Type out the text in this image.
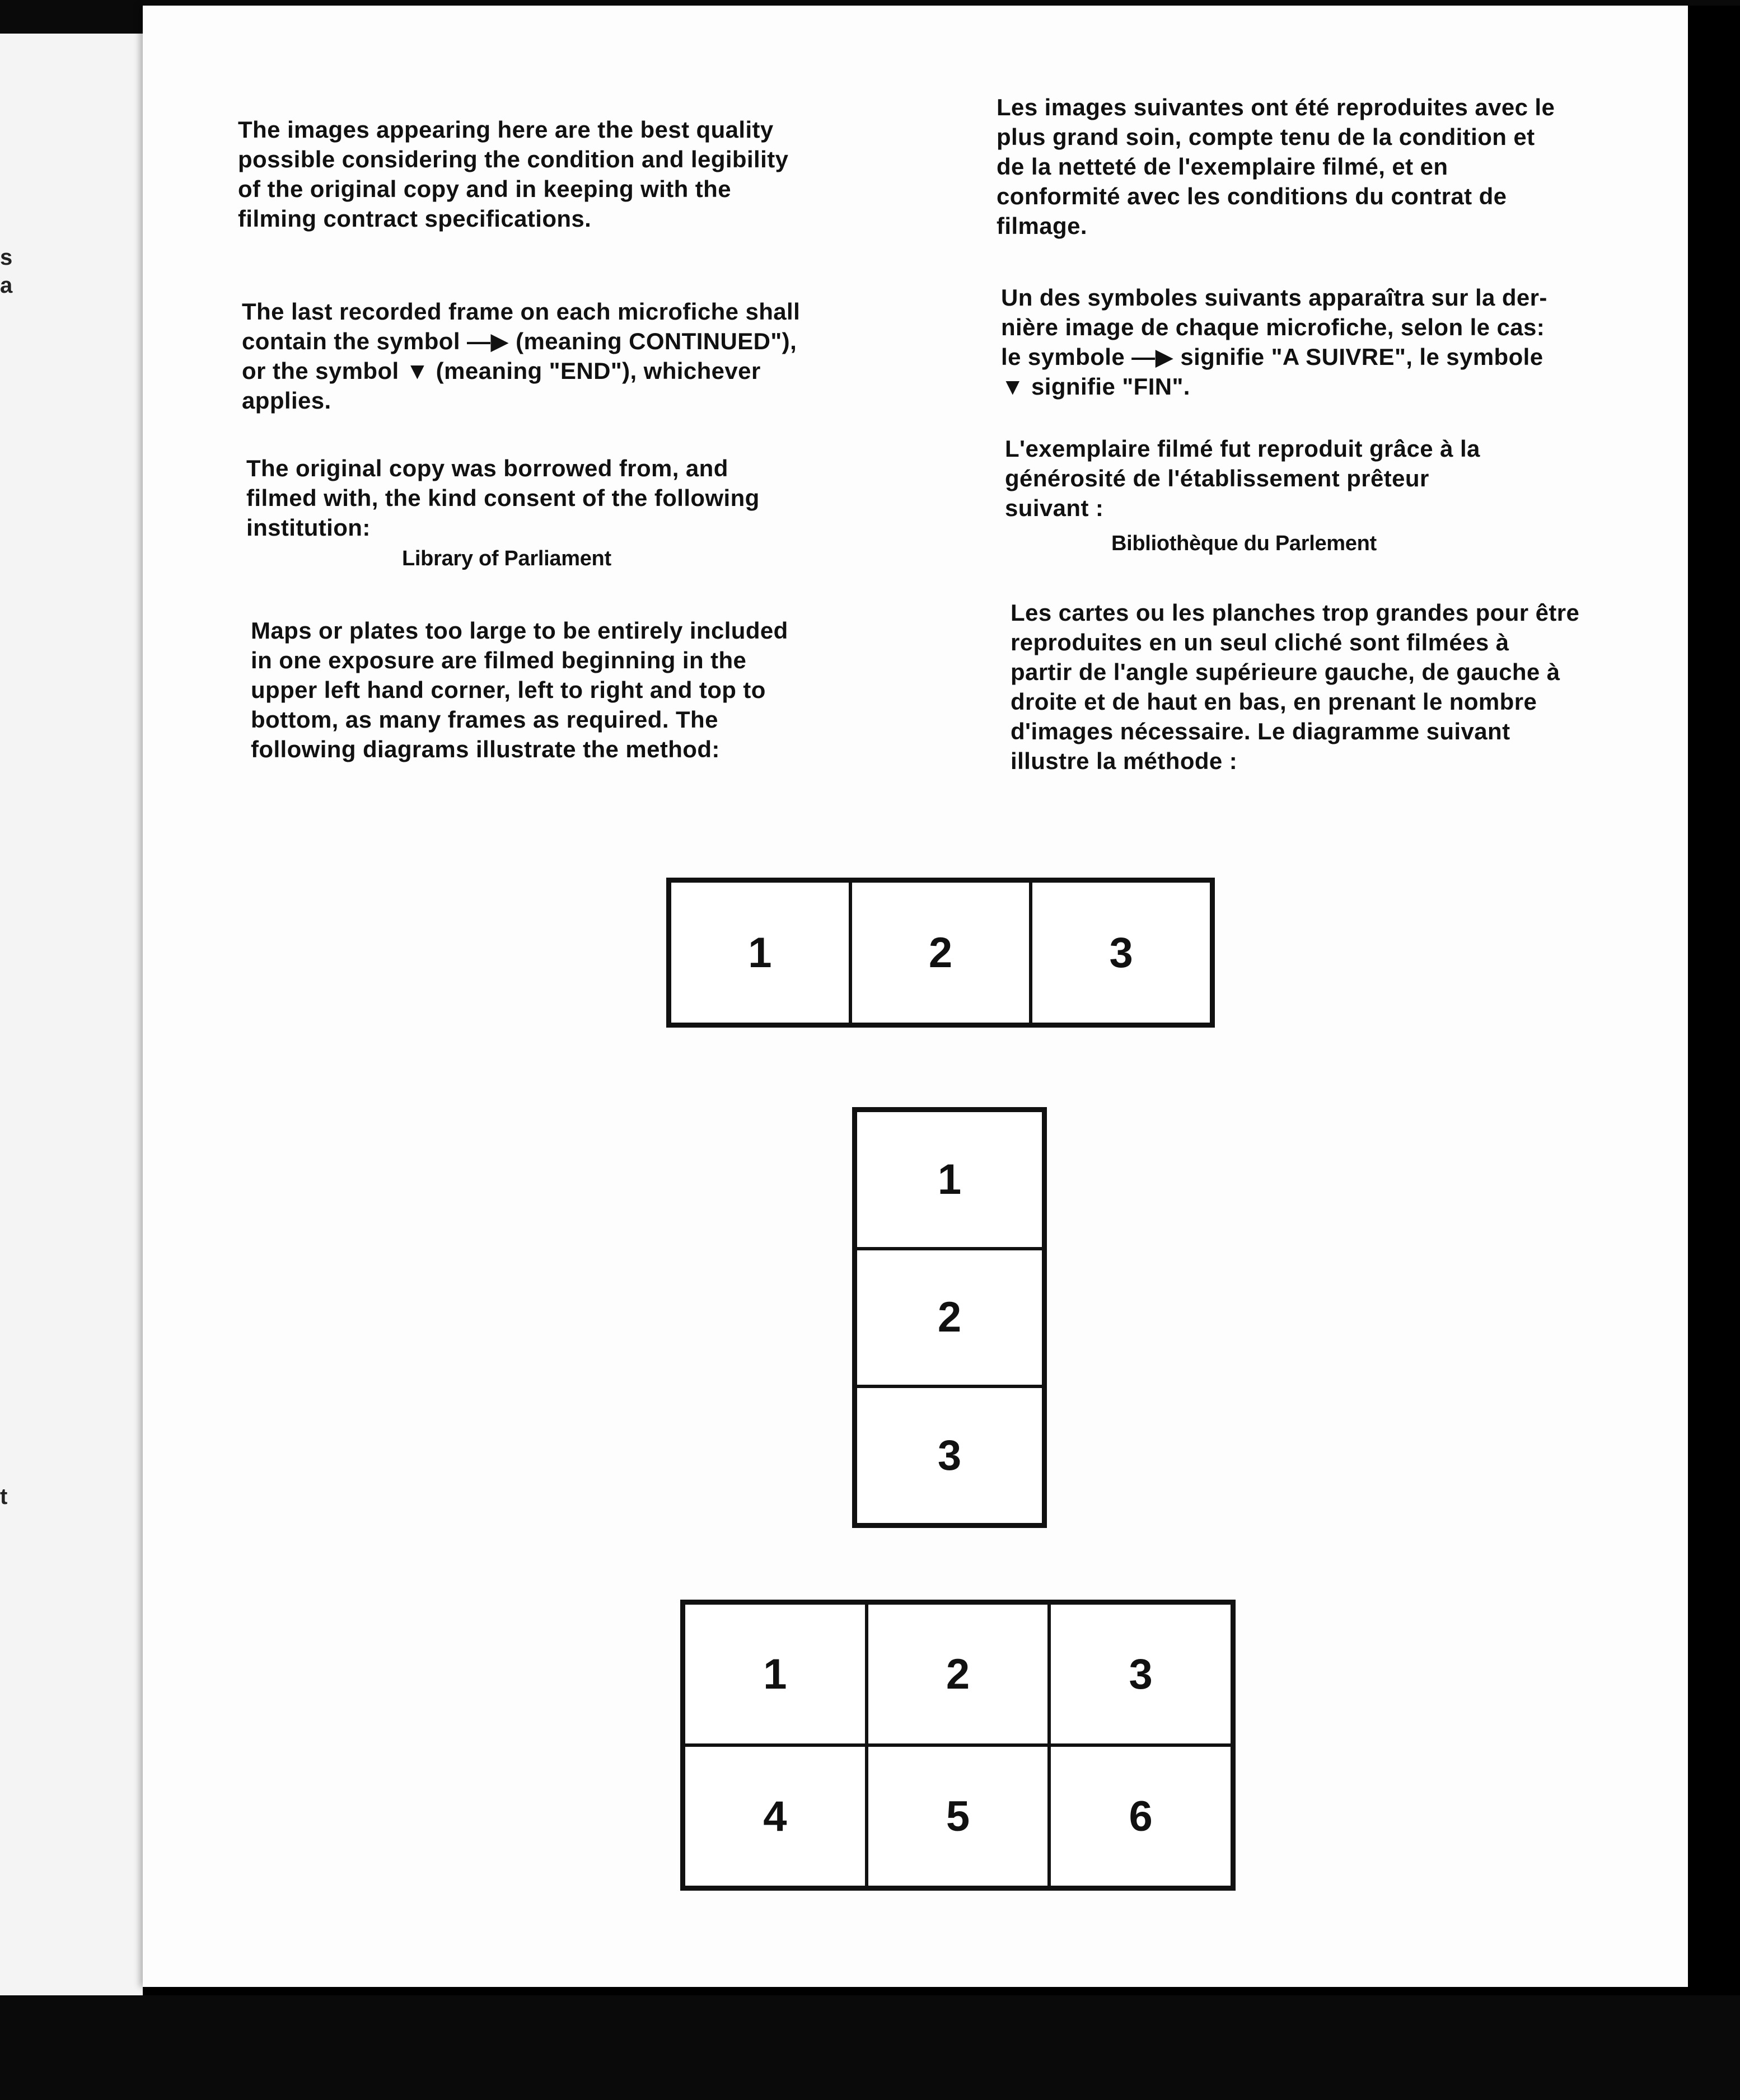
s
a
t
The images appearing here are the best quality
possible considering the condition and legibility
of the original copy and in keeping with the
filming contract specifications.
The last recorded frame on each microfiche shall
contain the symbol —▶ (meaning CONTINUED"),
or the symbol ▼ (meaning "END"), whichever
applies.
The original copy was borrowed from, and
filmed with, the kind consent of the following
institution:
Library of Parliament
Maps or plates too large to be entirely included
in one exposure are filmed beginning in the
upper left hand corner, left to right and top to
bottom, as many frames as required. The
following diagrams illustrate the method:
Les images suivantes ont été reproduites avec le
plus grand soin, compte tenu de la condition et
de la netteté de l'exemplaire filmé, et en
conformité avec les conditions du contrat de
filmage.
Un des symboles suivants apparaîtra sur la der-
nière image de chaque microfiche, selon le cas:
le symbole —▶ signifie "A SUIVRE", le symbole
▼ signifie "FIN".
L'exemplaire filmé fut reproduit grâce à la
générosité de l'établissement prêteur
suivant :
Bibliothèque du Parlement
Les cartes ou les planches trop grandes pour être
reproduites en un seul cliché sont filmées à
partir de l'angle supérieure gauche, de gauche à
droite et de haut en bas, en prenant le nombre
d'images nécessaire. Le diagramme suivant
illustre la méthode :
1	2	3
1
2
3
1	2	3
4	5	6
